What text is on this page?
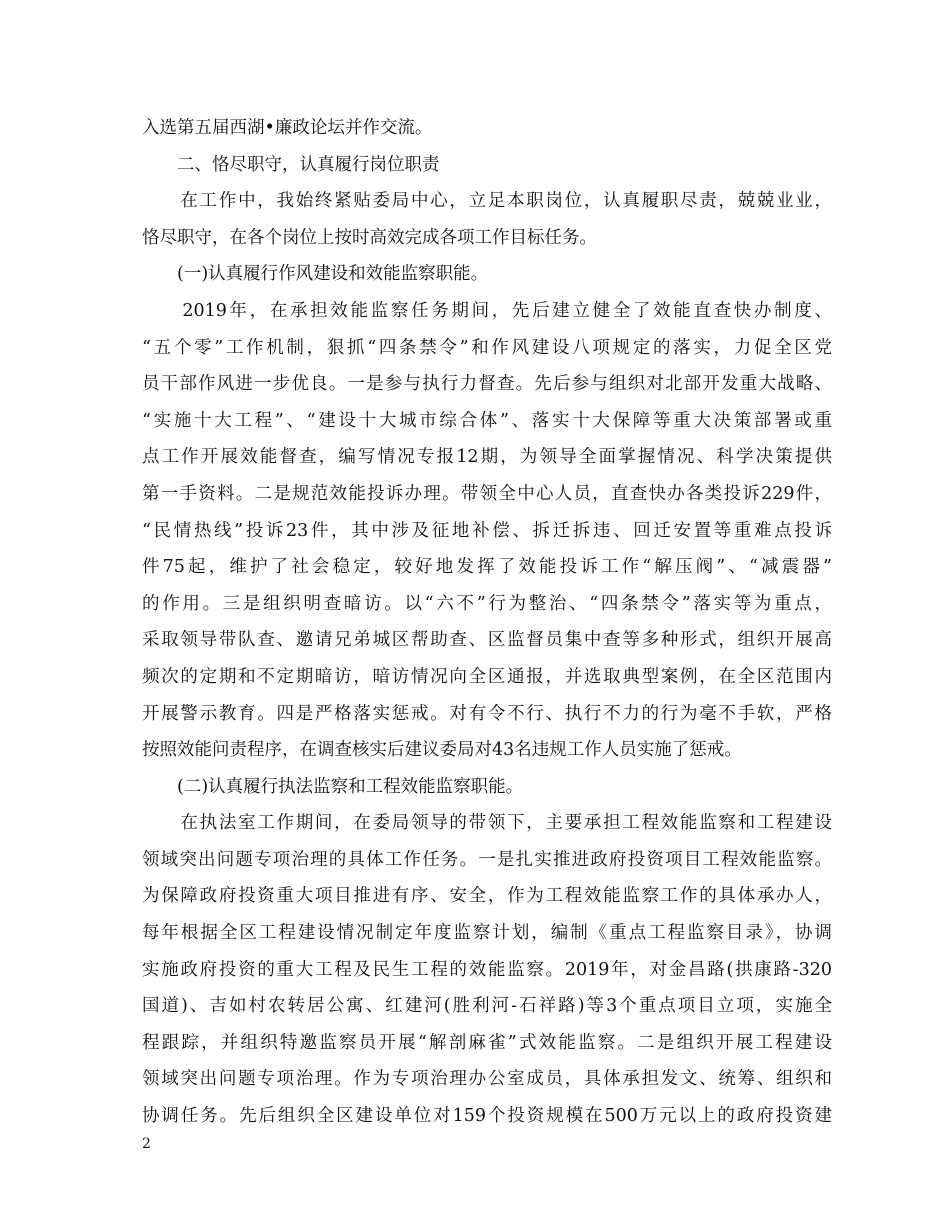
入选第五届西湖•廉政论坛并作交流。
　　二、恪尽职守，认真履行岗位职责
　　在工作中，我始终紧贴委局中心，立足本职岗位，认真履职尽责，兢兢业业，
恪尽职守，在各个岗位上按时高效完成各项工作目标任务。
　　(一)认真履行作风建设和效能监察职能。
　　2019年，在承担效能监察任务期间，先后建立健全了效能直查快办制度、
“五个零”工作机制，狠抓“四条禁令”和作风建设八项规定的落实，力促全区党
员干部作风进一步优良。一是参与执行力督查。先后参与组织对北部开发重大战略、
“实施十大工程”、“建设十大城市综合体”、落实十大保障等重大决策部署或重
点工作开展效能督查，编写情况专报12期，为领导全面掌握情况、科学决策提供
第一手资料。二是规范效能投诉办理。带领全中心人员，直查快办各类投诉229件，
“民情热线”投诉23件，其中涉及征地补偿、拆迁拆违、回迁安置等重难点投诉
件75起，维护了社会稳定，较好地发挥了效能投诉工作“解压阀”、“减震器”
的作用。三是组织明查暗访。以“六不”行为整治、“四条禁令”落实等为重点，
采取领导带队查、邀请兄弟城区帮助查、区监督员集中查等多种形式，组织开展高
频次的定期和不定期暗访，暗访情况向全区通报，并选取典型案例，在全区范围内
开展警示教育。四是严格落实惩戒。对有令不行、执行不力的行为毫不手软，严格
按照效能问责程序，在调查核实后建议委局对43名违规工作人员实施了惩戒。
　　(二)认真履行执法监察和工程效能监察职能。
　　在执法室工作期间，在委局领导的带领下，主要承担工程效能监察和工程建设
领域突出问题专项治理的具体工作任务。一是扎实推进政府投资项目工程效能监察。
为保障政府投资重大项目推进有序、安全，作为工程效能监察工作的具体承办人，
每年根据全区工程建设情况制定年度监察计划，编制《重点工程监察目录》，协调
实施政府投资的重大工程及民生工程的效能监察。2019年，对金昌路(拱康路-320
国道)、吉如村农转居公寓、红建河(胜利河-石祥路)等3个重点项目立项，实施全
程跟踪，并组织特邀监察员开展“解剖麻雀”式效能监察。二是组织开展工程建设
领域突出问题专项治理。作为专项治理办公室成员，具体承担发文、统筹、组织和
协调任务。先后组织全区建设单位对159个投资规模在500万元以上的政府投资建
2
